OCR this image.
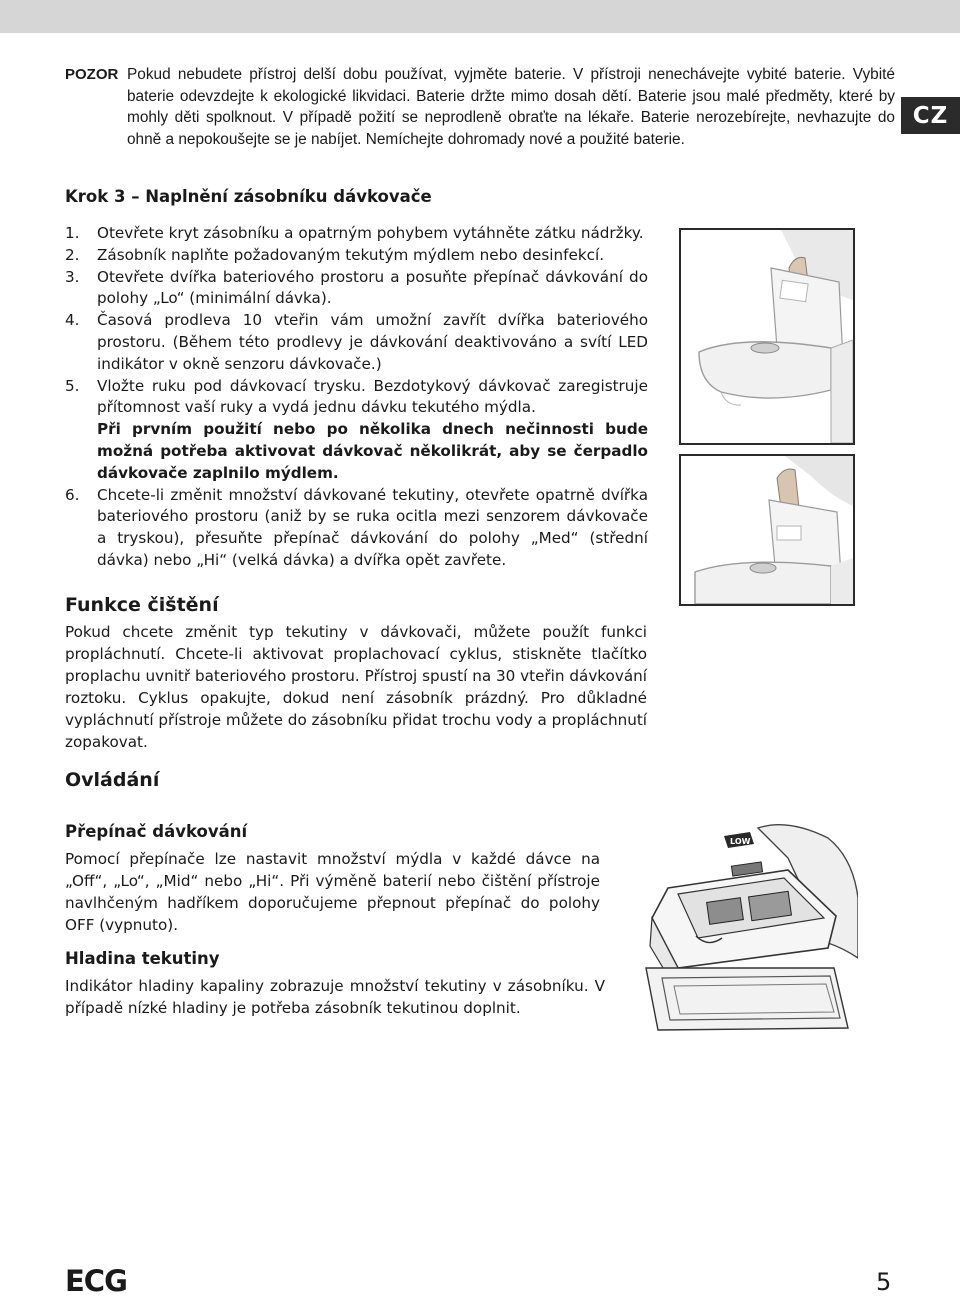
CZ
POZOR Pokud nebudete přístroj delší dobu používat, vyjměte baterie. V přístroji nenechávejte vybité baterie. Vybité baterie odevzdejte k ekologické likvidaci. Baterie držte mimo dosah dětí. Baterie jsou malé předměty, které by mohly děti spolknout. V případě požití se neprodleně obraťte na lékaře. Baterie nerozebírejte, nevhazujte do ohně a nepokoušejte se je nabíjet. Nemíchejte dohromady nové a použité baterie.
Krok 3 – Naplnění zásobníku dávkovače
1. Otevřete kryt zásobníku a opatrným pohybem vytáhněte zátku nádržky.
2. Zásobník naplňte požadovaným tekutým mýdlem nebo desinfekcí.
3. Otevřete dvířka bateriového prostoru a posuňte přepínač dávkování do polohy „Lo“ (minimální dávka).
4. Časová prodleva 10 vteřin vám umožní zavřít dvířka bateriového prostoru. (Během této prodlevy je dávkování deaktivováno a svítí LED indikátor v okně senzoru dávkovače.)
5. Vložte ruku pod dávkovací trysku. Bezdotykový dávkovač zaregistruje přítomnost vaší ruky a vydá jednu dávku tekutého mýdla.
Při prvním použití nebo po několika dnech nečinnosti bude možná potřeba aktivovat dávkovač několikrát, aby se čerpadlo dávkovače zaplnilo mýdlem.
6. Chcete-li změnit množství dávkované tekutiny, otevřete opatrně dvířka bateriového prostoru (aniž by se ruka ocitla mezi senzorem dávkovače a tryskou), přesuňte přepínač dávkování do polohy „Med“ (střední dávka) nebo „Hi“ (velká dávka) a dvířka opět zavřete.
LOW
Funkce čištění

Pokud chcete změnit typ tekutiny v dávkovači, můžete použít funkci propláchnutí. Chcete-li aktivovat proplachovací cyklus, stiskněte tlačítko proplachu uvnitř bateriového prostoru. Přístroj spustí na 30 vteřin dávkování roztoku. Cyklus opakujte, dokud není zásobník prázdný. Pro důkladné vypláchnutí přístroje můžete do zásobníku přidat trochu vody a propláchnutí zopakovat.

Ovládání
Přepínač dávkování

Pomocí přepínače lze nastavit množství mýdla v každé dávce na „Off“, „Lo“, „Mid“ nebo „Hi“. Při výměně baterií nebo čištění přístroje navlhčeným hadříkem doporučujeme přepnout přepínač do polohy OFF (vypnuto).

Hladina tekutiny

Indikátor hladiny kapaliny zobrazuje množství tekutiny v zásobníku. V případě nízké hladiny je potřeba zásobník tekutinou doplnit.

ECG	5
